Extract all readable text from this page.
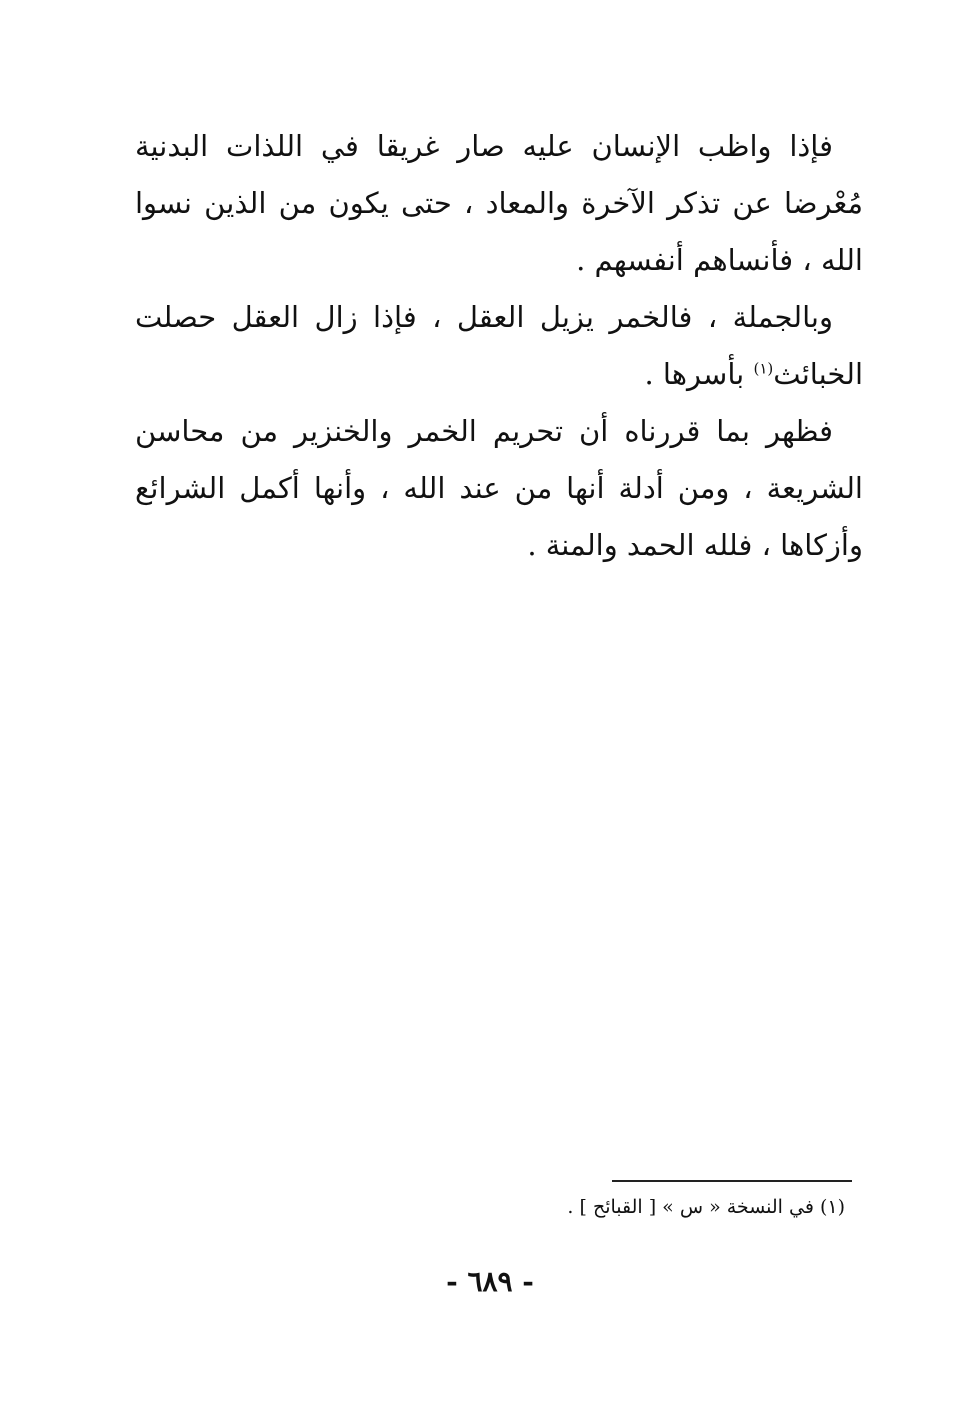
فإذا واظب الإنسان عليه صار غريقا في اللذات البدنية مُعْرضا عن تذكر الآخرة والمعاد ، حتى يكون من الذين نسوا الله ، فأنساهم أنفسهم .

وبالجملة ، فالخمر يزيل العقل ، فإذا زال العقل حصلت الخبائث$^{(١)}$ بأسرها .

فظهر بما قررناه أن تحريم الخمر والخنزير من محاسن الشريعة ، ومن أدلة أنها من عند الله ، وأنها أكمل الشرائع وأزكاها ، فلله الحمد والمنة .

(١) في النسخة « س » [ القبائح ] .
- ٦٨٩ -
